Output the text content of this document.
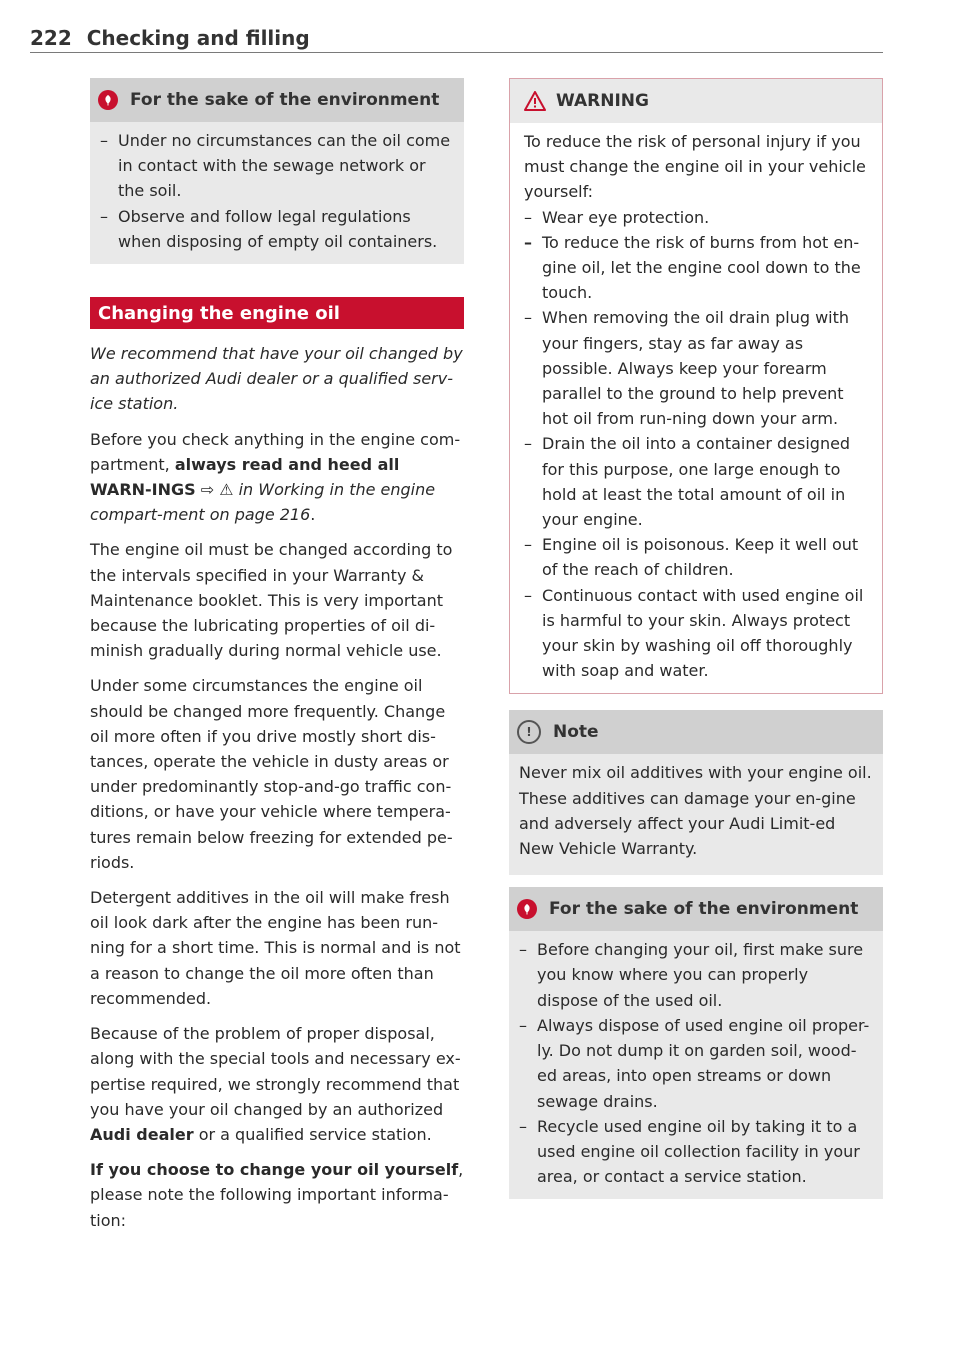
222 Checking and filling
For the sake of the environment
– Under no circumstances can the oil come in contact with the sewage network or the soil.
– Observe and follow legal regulations when disposing of empty oil containers.
Changing the engine oil

We recommend that have your oil changed by an authorized Audi dealer or a qualified serv-ice station.

Before you check anything in the engine com-partment, always read and heed all WARN-INGS ⇨ ⚠ in Working in the engine compart-ment on page 216.

The engine oil must be changed according to the intervals specified in your Warranty & Maintenance booklet. This is very important because the lubricating properties of oil di-minish gradually during normal vehicle use.

Under some circumstances the engine oil should be changed more frequently. Change oil more often if you drive mostly short dis-tances, operate the vehicle in dusty areas or under predominantly stop-and-go traffic con-ditions, or have your vehicle where tempera-tures remain below freezing for extended pe-riods.

Detergent additives in the oil will make fresh oil look dark after the engine has been run-ning for a short time. This is normal and is not a reason to change the oil more often than recommended.

Because of the problem of proper disposal, along with the special tools and necessary ex-pertise required, we strongly recommend that you have your oil changed by an authorized Audi dealer or a qualified service station.

If you choose to change your oil yourself, please note the following important informa-tion:

WARNING

To reduce the risk of personal injury if you must change the engine oil in your vehicle yourself:

– Wear eye protection.
– To reduce the risk of burns from hot en-gine oil, let the engine cool down to the touch.
– When removing the oil drain plug with your fingers, stay as far away as possible. Always keep your forearm parallel to the ground to help prevent hot oil from run-ning down your arm.
– Drain the oil into a container designed for this purpose, one large enough to hold at least the total amount of oil in your engine.
– Engine oil is poisonous. Keep it well out of the reach of children.
– Continuous contact with used engine oil is harmful to your skin. Always protect your skin by washing oil off thoroughly with soap and water.
!	Note

Never mix oil additives with your engine oil. These additives can damage your en-gine and adversely affect your Audi Limit-ed New Vehicle Warranty.

For the sake of the environment
– Before changing your oil, first make sure you know where you can properly dispose of the used oil.
– Always dispose of used engine oil proper-ly. Do not dump it on garden soil, wood-ed areas, into open streams or down sewage drains.
– Recycle used engine oil by taking it to a used engine oil collection facility in your area, or contact a service station.
